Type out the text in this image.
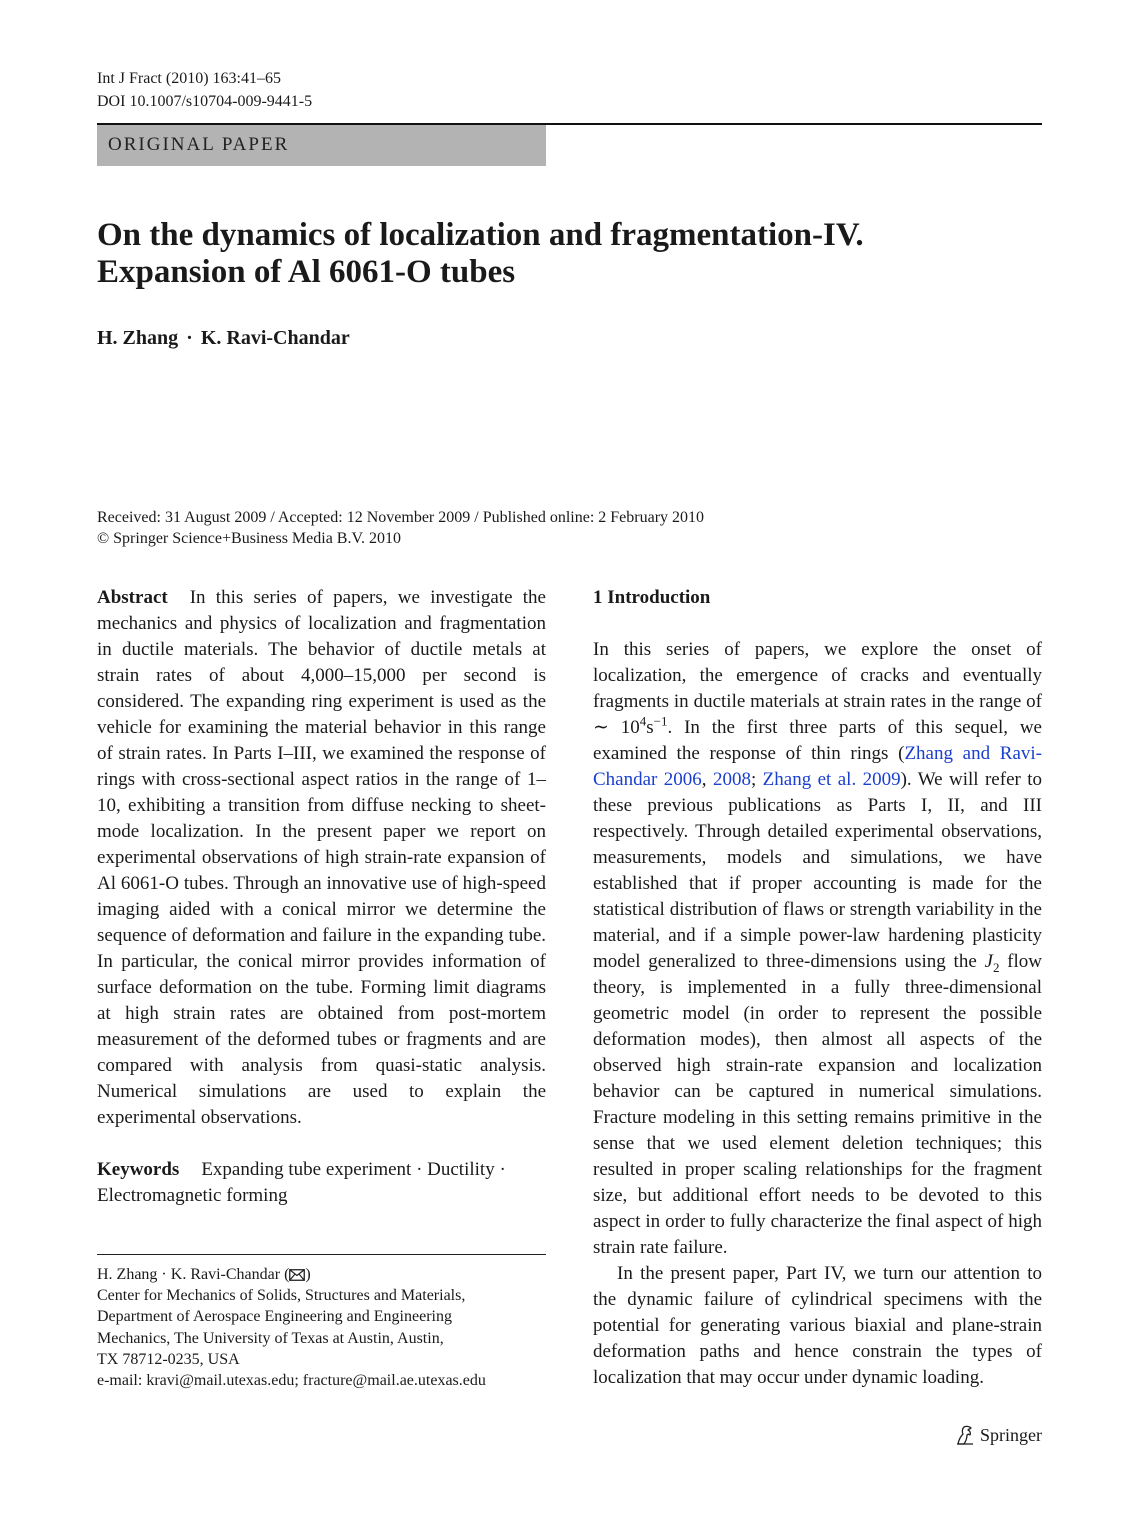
Int J Fract (2010) 163:41–65
DOI 10.1007/s10704-009-9441-5
ORIGINAL PAPER
On the dynamics of localization and fragmentation-IV.
Expansion of Al 6061-O tubes
H. Zhang · K. Ravi-Chandar
Received: 31 August 2009 / Accepted: 12 November 2009 / Published online: 2 February 2010
© Springer Science+Business Media B.V. 2010

Abstract In this series of papers, we investigate the mechanics and physics of localization and fragmentation in ductile materials. The behavior of ductile metals at strain rates of about 4,000–15,000 per second is considered. The expanding ring experiment is used as the vehicle for examining the material behavior in this range of strain rates. In Parts I–III, we examined the response of rings with cross-sectional aspect ratios in the range of 1–10, exhibiting a transition from diffuse necking to sheet-mode localization. In the present paper we report on experimental observations of high strain-rate expansion of Al 6061-O tubes. Through an innovative use of high-speed imaging aided with a conical mirror we determine the sequence of deformation and failure in the expanding tube. In particular, the conical mirror provides information of surface deformation on the tube. Forming limit diagrams at high strain rates are obtained from post-mortem measurement of the deformed tubes or fragments and are compared with analysis from quasi-static analysis. Numerical simulations are used to explain the experimental observations.

Keywords Expanding tube experiment · Ductility · Electromagnetic forming

H. Zhang · K. Ravi-Chandar ( )

Center for Mechanics of Solids, Structures and Materials,

Department of Aerospace Engineering and Engineering

Mechanics, The University of Texas at Austin, Austin,

TX 78712-0235, USA

e-mail: kravi@mail.utexas.edu; fracture@mail.ae.utexas.edu

1 Introduction

In this series of papers, we explore the onset of localization, the emergence of cracks and eventually fragments in ductile materials at strain rates in the range of ∼ $10^4s^{-1}$. In the first three parts of this sequel, we examined the response of thin rings (Zhang and Ravi-Chandar 2006, 2008; Zhang et al. 2009). We will refer to these previous publications as Parts I, II, and III respectively. Through detailed experimental observations, measurements, models and simulations, we have established that if proper accounting is made for the statistical distribution of flaws or strength variability in the material, and if a simple power-law hardening plasticity model generalized to three-dimensions using the $J_2$ flow theory, is implemented in a fully three-dimensional geometric model (in order to represent the possible deformation modes), then almost all aspects of the observed high strain-rate expansion and localization behavior can be captured in numerical simulations. Fracture modeling in this setting remains primitive in the sense that we used element deletion techniques; this resulted in proper scaling relationships for the fragment size, but additional effort needs to be devoted to this aspect in order to fully characterize the final aspect of high strain rate failure.

In the present paper, Part IV, we turn our attention to the dynamic failure of cylindrical specimens with the potential for generating various biaxial and plane-strain deformation paths and hence constrain the types of localization that may occur under dynamic loading.

Springer
